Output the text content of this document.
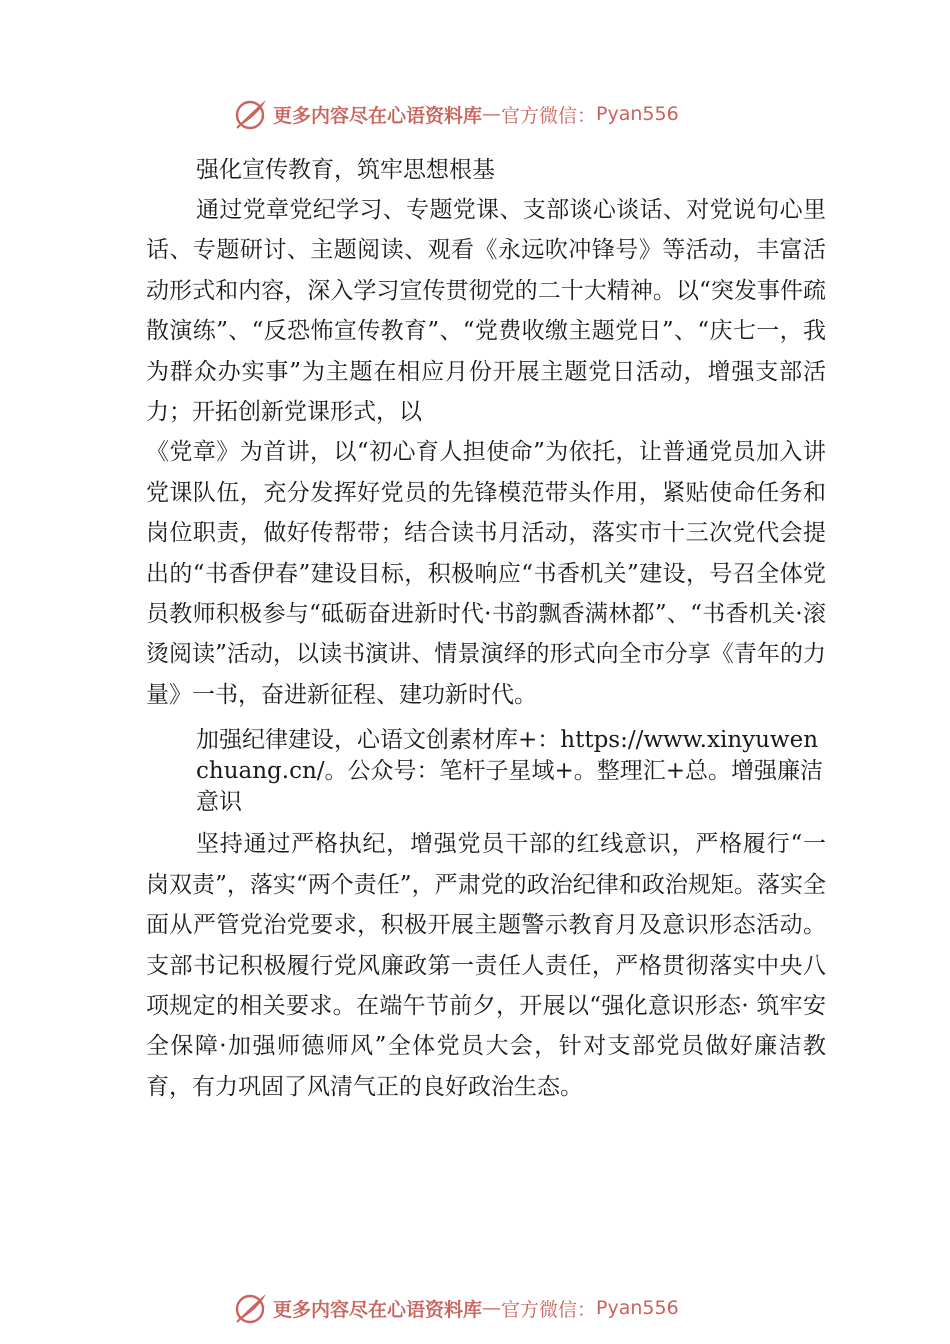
更多内容尽在心语资料库 — 官方微信： Pyan556

强化宣传教育，筑牢思想根基

通过党章党纪学习、专题党课、支部谈心谈话、对党说句心里话、专题研讨、主题阅读、观看《永远吹冲锋号》等活动，丰富活动形式和内容，深入学习宣传贯彻党的二十大精神。以“突发事件疏散演练”、“反恐怖宣传教育”、“党费收缴主题党日”、“庆七一，我为群众办实事”为主题在相应月份开展主题党日活动，增强支部活力；开拓创新党课形式，以

《党章》为首讲，以“初心育人担使命”为依托，让普通党员加入讲党课队伍，充分发挥好党员的先锋模范带头作用，紧贴使命任务和岗位职责，做好传帮带；结合读书月活动，落实市十三次党代会提出的“书香伊春”建设目标，积极响应“书香机关”建设，号召全体党员教师积极参与“砥砺奋进新时代·书韵飘香满林都”、“书香机关·滚烫阅读”活动，以读书演讲、情景演绎的形式向全市分享《青年的力量》一书，奋进新征程、建功新时代。

加强纪律建设，心语文创素材库+：https://www.xinyuwenchuang.cn/。公众号：笔杆子星域+。整理汇+总。增强廉洁意识

坚持通过严格执纪，增强党员干部的红线意识，严格履行“一岗双责”，落实“两个责任”，严肃党的政治纪律和政治规矩。落实全面从严管党治党要求，积极开展主题警示教育月及意识形态活动。支部书记积极履行党风廉政第一责任人责任，严格贯彻落实中央八项规定的相关要求。在端午节前夕，开展以“强化意识形态· 筑牢安全保障·加强师德师风”全体党员大会，针对支部党员做好廉洁教育，有力巩固了风清气正的良好政治生态。

更多内容尽在心语资料库 — 官方微信： Pyan556
